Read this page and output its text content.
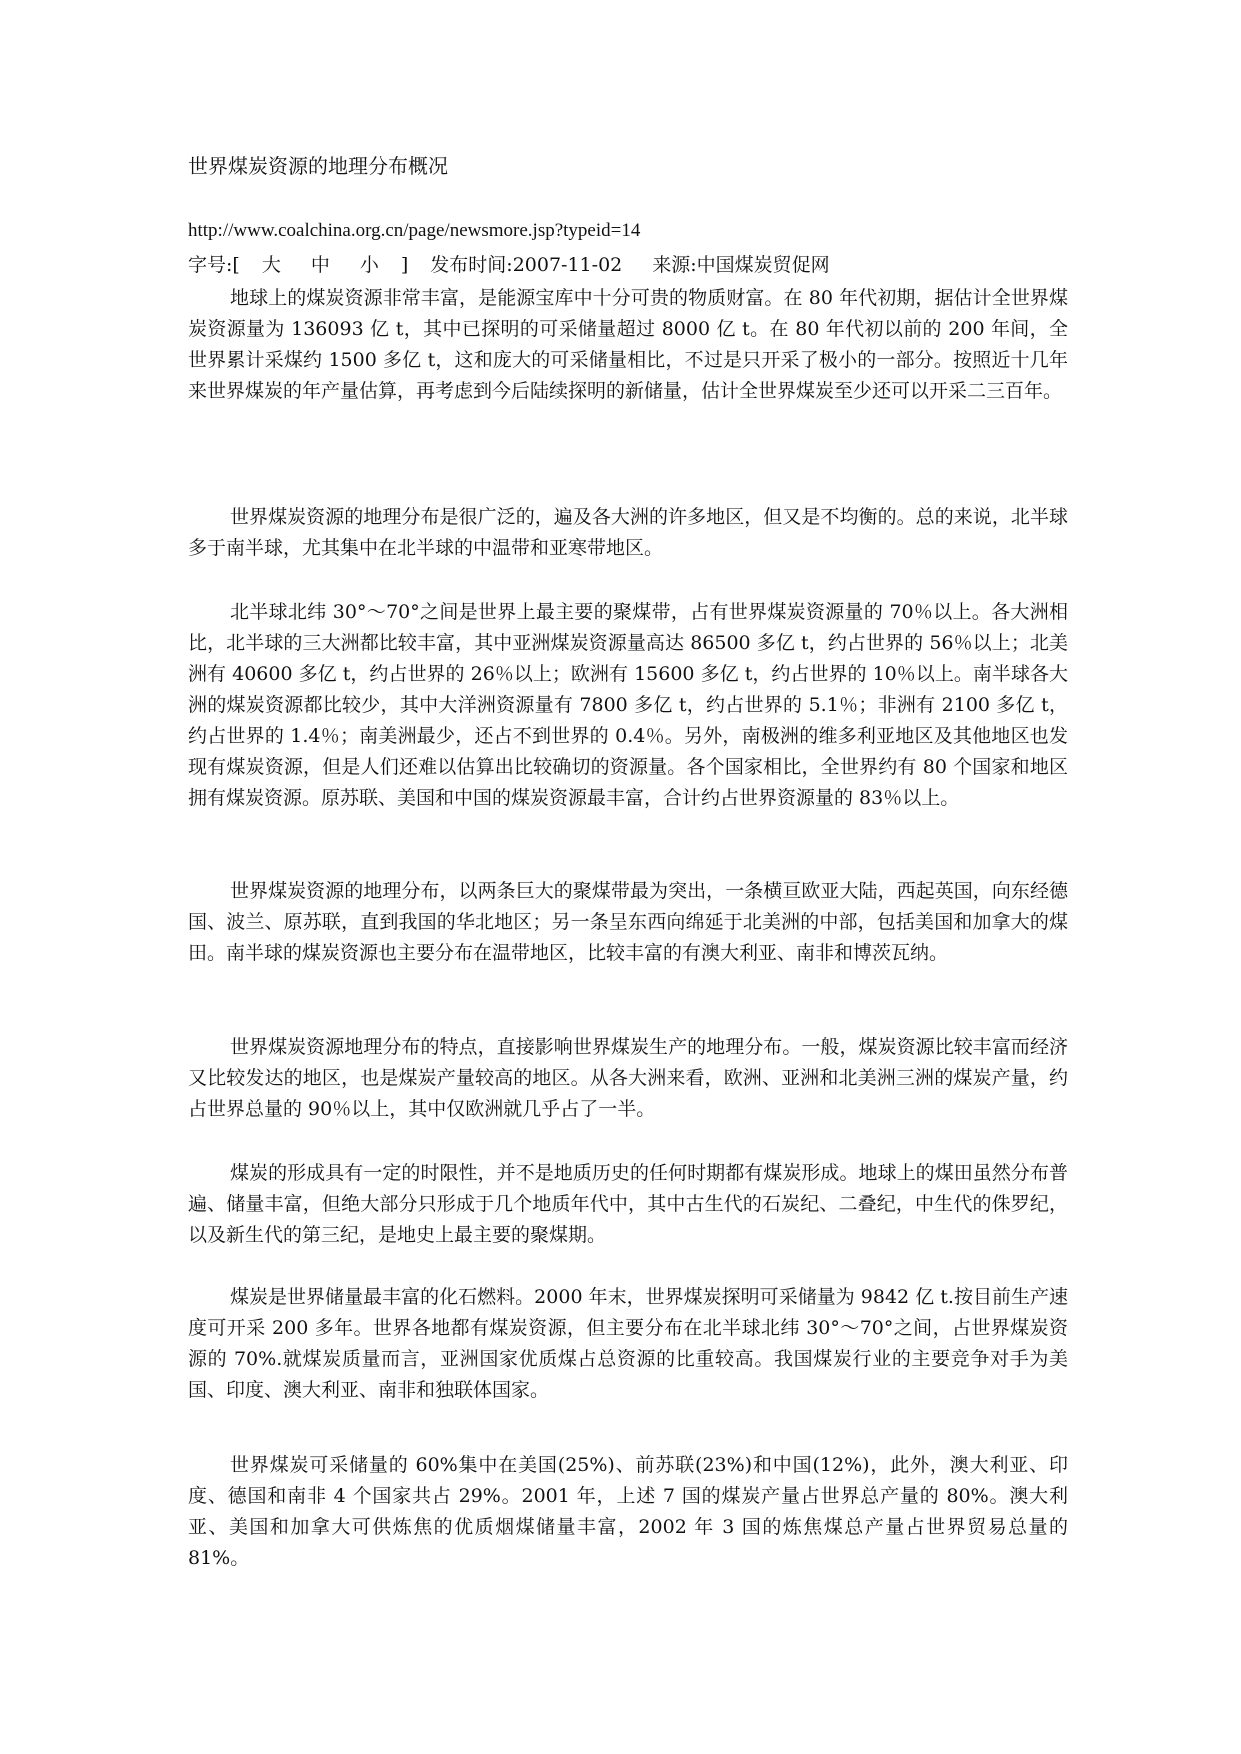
世界煤炭资源的地理分布概况
http://www.coalchina.org.cn/page/newsmore.jsp?typeid=14
字号:[ 大 中 小 ] 发布时间:2007-11-02 来源:中国煤炭贸促网

地球上的煤炭资源非常丰富，是能源宝库中十分可贵的物质财富。在 80 年代初期，据估计全世界煤炭资源量为 136093 亿 t，其中已探明的可采储量超过 8000 亿 t。在 80 年代初以前的 200 年间，全世界累计采煤约 1500 多亿 t，这和庞大的可采储量相比，不过是只开采了极小的一部分。按照近十几年来世界煤炭的年产量估算，再考虑到今后陆续探明的新储量，估计全世界煤炭至少还可以开采二三百年。

世界煤炭资源的地理分布是很广泛的，遍及各大洲的许多地区，但又是不均衡的。总的来说，北半球多于南半球，尤其集中在北半球的中温带和亚寒带地区。

北半球北纬 30°～70°之间是世界上最主要的聚煤带，占有世界煤炭资源量的 70％以上。各大洲相比，北半球的三大洲都比较丰富，其中亚洲煤炭资源量高达 86500 多亿 t，约占世界的 56％以上；北美洲有 40600 多亿 t，约占世界的 26％以上；欧洲有 15600 多亿 t，约占世界的 10％以上。南半球各大洲的煤炭资源都比较少，其中大洋洲资源量有 7800 多亿 t，约占世界的 5.1％；非洲有 2100 多亿 t，约占世界的 1.4％；南美洲最少，还占不到世界的 0.4％。另外，南极洲的维多利亚地区及其他地区也发现有煤炭资源，但是人们还难以估算出比较确切的资源量。各个国家相比，全世界约有 80 个国家和地区拥有煤炭资源。原苏联、美国和中国的煤炭资源最丰富，合计约占世界资源量的 83％以上。

世界煤炭资源的地理分布，以两条巨大的聚煤带最为突出，一条横亘欧亚大陆，西起英国，向东经德国、波兰、原苏联，直到我国的华北地区；另一条呈东西向绵延于北美洲的中部，包括美国和加拿大的煤田。南半球的煤炭资源也主要分布在温带地区，比较丰富的有澳大利亚、南非和博茨瓦纳。

世界煤炭资源地理分布的特点，直接影响世界煤炭生产的地理分布。一般，煤炭资源比较丰富而经济又比较发达的地区，也是煤炭产量较高的地区。从各大洲来看，欧洲、亚洲和北美洲三洲的煤炭产量，约占世界总量的 90％以上，其中仅欧洲就几乎占了一半。

煤炭的形成具有一定的时限性，并不是地质历史的任何时期都有煤炭形成。地球上的煤田虽然分布普遍、储量丰富，但绝大部分只形成于几个地质年代中，其中古生代的石炭纪、二叠纪，中生代的侏罗纪，以及新生代的第三纪，是地史上最主要的聚煤期。

煤炭是世界储量最丰富的化石燃料。2000 年末，世界煤炭探明可采储量为 9842 亿 t.按目前生产速度可开采 200 多年。世界各地都有煤炭资源，但主要分布在北半球北纬 30°～70°之间，占世界煤炭资源的 70%.就煤炭质量而言，亚洲国家优质煤占总资源的比重较高。我国煤炭行业的主要竞争对手为美国、印度、澳大利亚、南非和独联体国家。

世界煤炭可采储量的 60%集中在美国(25%)、前苏联(23%)和中国(12%)，此外，澳大利亚、印度、德国和南非 4 个国家共占 29%。2001 年，上述 7 国的煤炭产量占世界总产量的 80%。澳大利亚、美国和加拿大可供炼焦的优质烟煤储量丰富，2002 年 3 国的炼焦煤总产量占世界贸易总量的 81%。
